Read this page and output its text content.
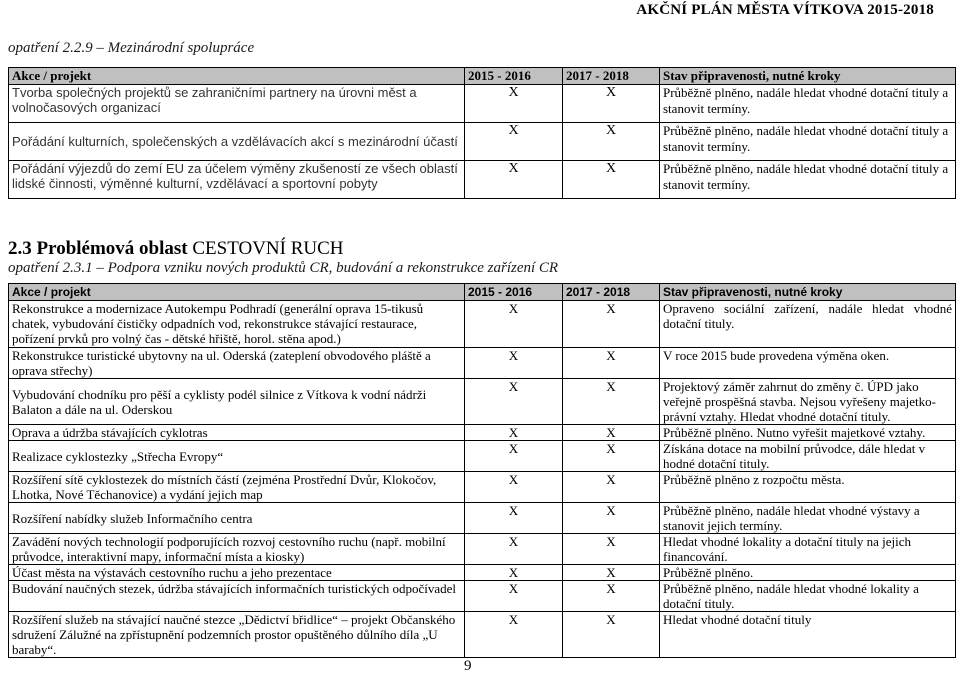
AKČNÍ PLÁN MĚSTA VÍTKOVA 2015-2018
opatření 2.2.9 – Mezinárodní spolupráce
Akce / projekt	2015 - 2016	2017 - 2018	Stav připravenosti, nutné kroky
Tvorba společných projektů se zahraničními partnery na úrovni měst a volnočasových organizací	X	X	Průběžně plněno, nadále hledat vhodné dotační tituly a stanovit termíny.
Pořádání kulturních, společenských a vzdělávacích akcí s mezinárodní účastí	X	X	Průběžně plněno, nadále hledat vhodné dotační tituly a stanovit termíny.
Pořádání výjezdů do zemí EU za účelem výměny zkušeností ze všech oblastí lidské činnosti, výměnné kulturní, vzdělávací a sportovní pobyty	X	X	Průběžně plněno, nadále hledat vhodné dotační tituly a stanovit termíny.
2.3 Problémová oblast CESTOVNÍ RUCH
opatření 2.3.1 – Podpora vzniku nových produktů CR, budování a rekonstrukce zařízení CR
Akce / projekt	2015 - 2016	2017 - 2018	Stav připravenosti, nutné kroky
Rekonstrukce a modernizace Autokempu Podhradí (generální oprava 15-tikusů chatek, vybudování čističky odpadních vod, rekonstrukce stávající restaurace, pořízení prvků pro volný čas - dětské hřiště, horol. stěna apod.)	X	X	Opraveno sociální zařízení, nadále hledat vhodné dotační tituly.
Rekonstrukce turistické ubytovny na ul. Oderská (zateplení obvodového pláště a oprava střechy)	X	X	V roce 2015 bude provedena výměna oken.
Vybudování chodníku pro pěší a cyklisty podél silnice z Vítkova k vodní nádrži Balaton a dále na ul. Oderskou	X	X	Projektový záměr zahrnut do změny č. ÚPD jako veřejně prospěšná stavba. Nejsou vyřešeny majetko-právní vztahy. Hledat vhodné dotační tituly.
Oprava a údržba stávajících cyklotras	X	X	Průběžně plněno. Nutno vyřešit majetkové vztahy.
Realizace cyklostezky „Střecha Evropy“	X	X	Získána dotace na mobilní průvodce, dále hledat v hodné dotační tituly.
Rozšíření sítě cyklostezek do místních částí (zejména Prostřední Dvůr, Klokočov, Lhotka, Nové Těchanovice) a vydání jejich map	X	X	Průběžně plněno z rozpočtu města.
Rozšíření nabídky služeb Informačního centra	X	X	Průběžně plněno, nadále hledat vhodné výstavy a stanovit jejich termíny.
Zavádění nových technologií podporujících rozvoj cestovního ruchu (např. mobilní průvodce, interaktivní mapy, informační místa a kiosky)	X	X	Hledat vhodné lokality a dotační tituly na jejich financování.
Účast města na výstavách cestovního ruchu a jeho prezentace	X	X	Průběžně plněno.
Budování naučných stezek, údržba stávajících informačních turistických odpočívadel	X	X	Průběžně plněno, nadále hledat vhodné lokality a dotační tituly.
Rozšíření služeb na stávající naučné stezce „Dědictví břidlice“ – projekt Občanského sdružení Zálužné na zpřístupnění podzemních prostor opuštěného důlního díla „U baraby“.	X	X	Hledat vhodné dotační tituly
9
